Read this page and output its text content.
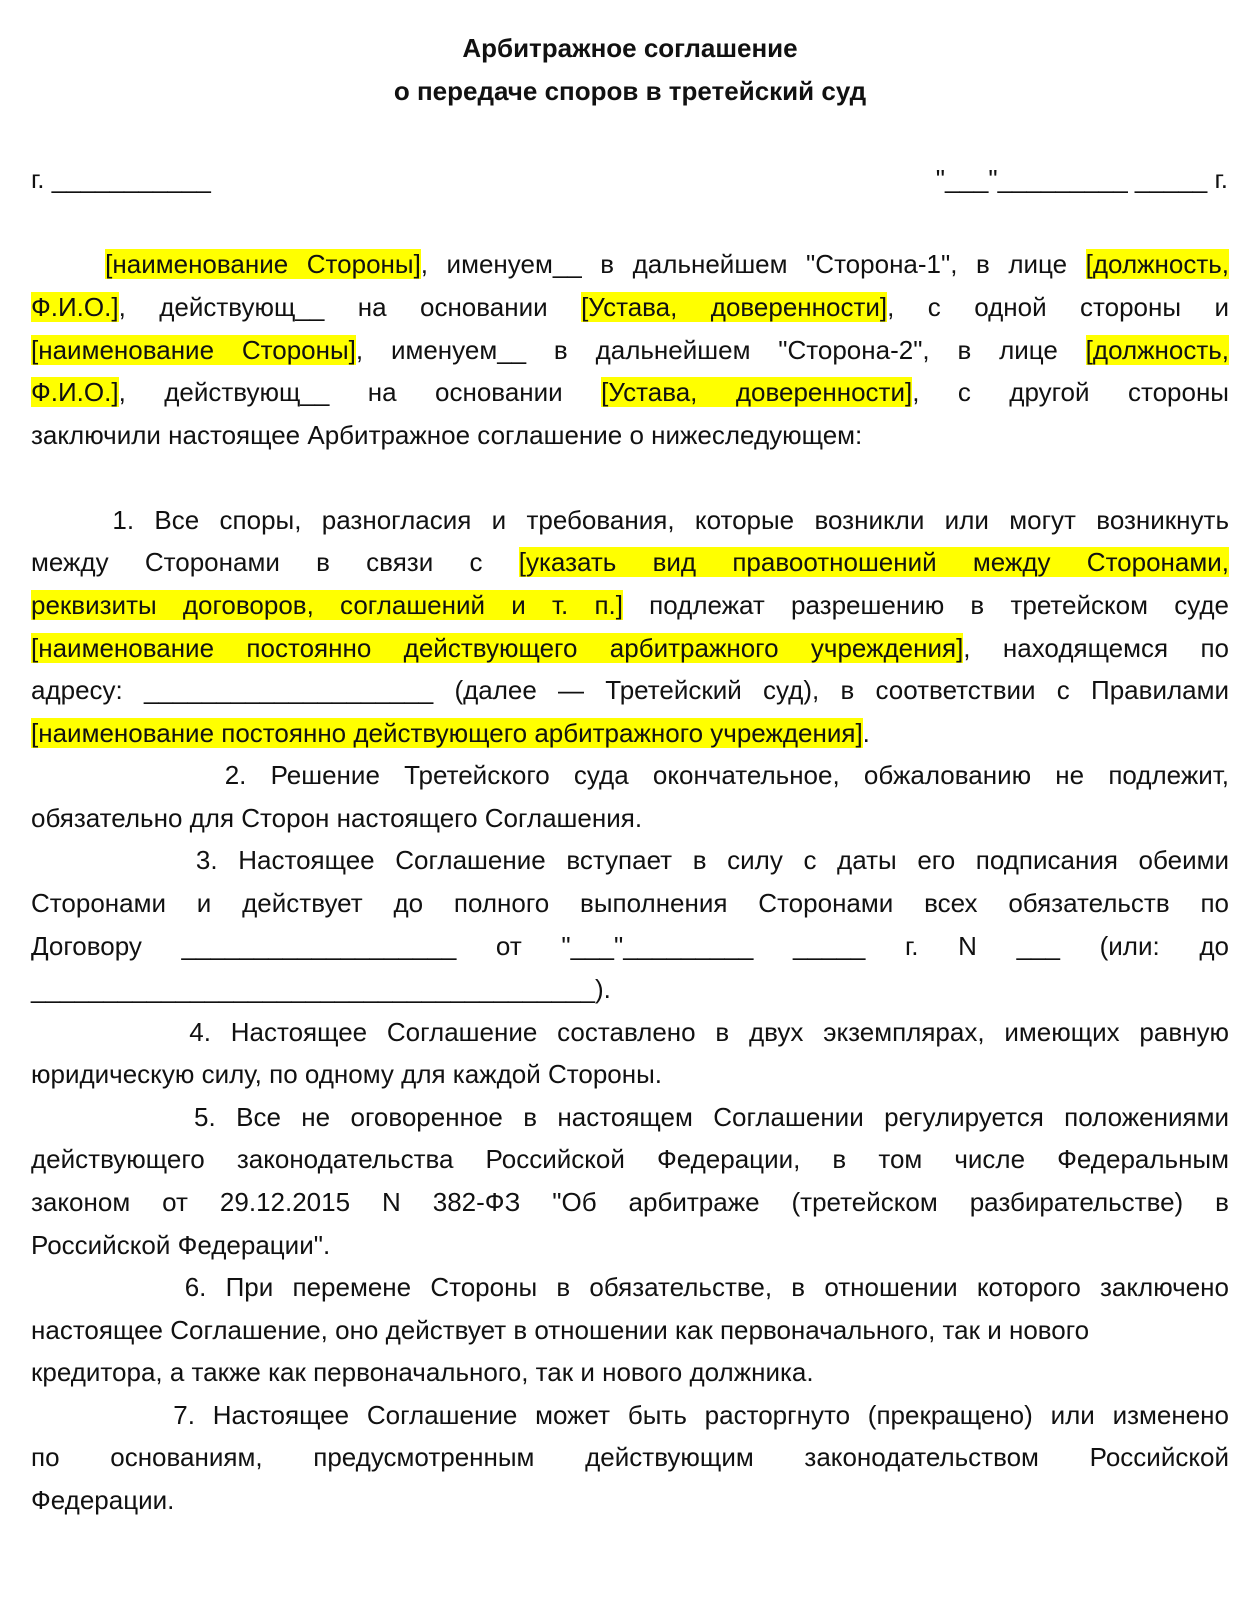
Арбитражное соглашение
о передаче споров в третейский суд
г. ___________	"___"_________ _____ г.
[наименование Стороны], именуем__ в дальнейшем "Сторона-1", в лице [должность,
Ф.И.О.], действующ__ на основании [Устава, доверенности], с одной стороны и
[наименование Стороны], именуем__ в дальнейшем "Сторона-2", в лице [должность,
Ф.И.О.], действующ__ на основании [Устава, доверенности], с другой стороны
заключили настоящее Арбитражное соглашение о нижеследующем:
1. Все споры, разногласия и требования, которые возникли или могут возникнуть
между Сторонами в связи с [указать вид правоотношений между Сторонами,
реквизиты договоров, соглашений и т. п.] подлежат разрешению в третейском суде
[наименование постоянно действующего арбитражного учреждения], находящемся по
адресу: ____________________ (далее — Третейский суд), в соответствии с Правилами
[наименование постоянно действующего арбитражного учреждения].
2. Решение Третейского суда окончательное, обжалованию не подлежит,
обязательно для Сторон настоящего Соглашения.
3. Настоящее Соглашение вступает в силу с даты его подписания обеими
Сторонами и действует до полного выполнения Сторонами всех обязательств по
Договору ___________________ от "___"_________ _____ г. N ___ (или: до
_______________________________________).
4. Настоящее Соглашение составлено в двух экземплярах, имеющих равную
юридическую силу, по одному для каждой Стороны.
5. Все не оговоренное в настоящем Соглашении регулируется положениями
действующего законодательства Российской Федерации, в том числе Федеральным
законом от 29.12.2015 N 382-ФЗ "Об арбитраже (третейском разбирательстве) в
Российской Федерации".
6. При перемене Стороны в обязательстве, в отношении которого заключено
настоящее Соглашение, оно действует в отношении как первоначального, так и нового
кредитора, а также как первоначального, так и нового должника.
7. Настоящее Соглашение может быть расторгнуто (прекращено) или изменено
по основаниям, предусмотренным действующим законодательством Российской
Федерации.
